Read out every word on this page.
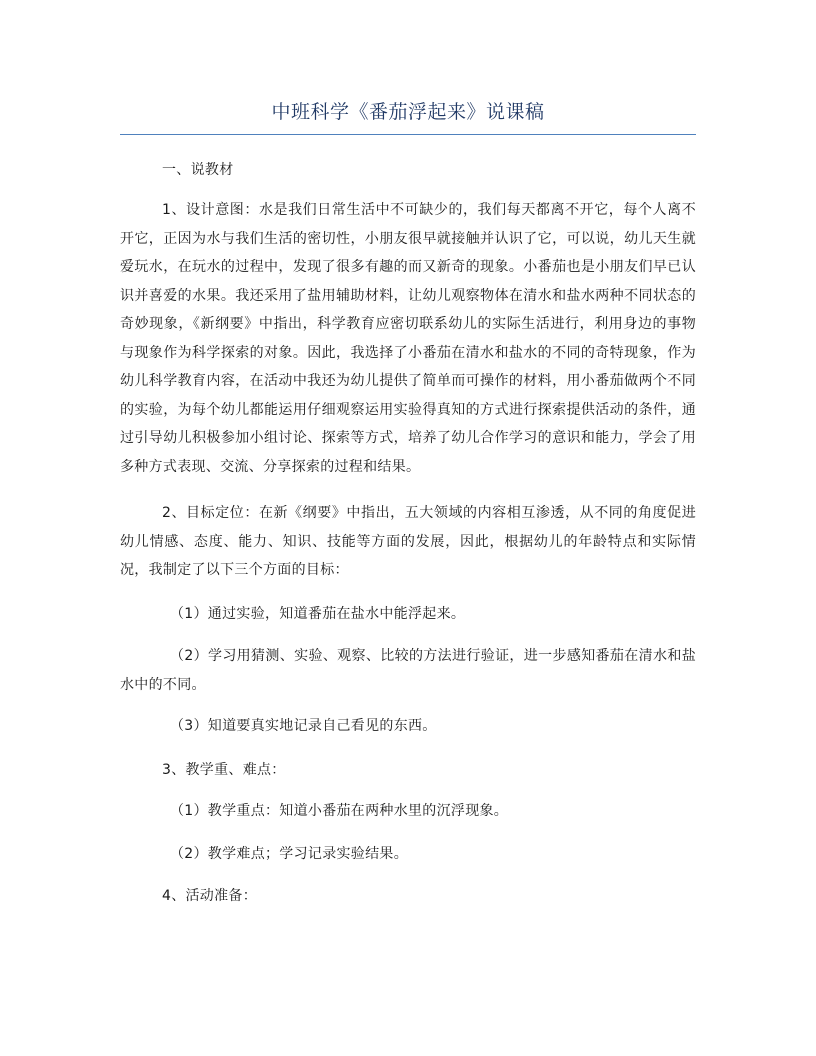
中班科学《番茄浮起来》说课稿

一、说教材

1、设计意图：水是我们日常生活中不可缺少的，我们每天都离不开它，每个人离不开它，正因为水与我们生活的密切性，小朋友很早就接触并认识了它，可以说，幼儿天生就爱玩水，在玩水的过程中，发现了很多有趣的而又新奇的现象。小番茄也是小朋友们早已认识并喜爱的水果。我还采用了盐用辅助材料，让幼儿观察物体在清水和盐水两种不同状态的奇妙现象，《新纲要》中指出，科学教育应密切联系幼儿的实际生活进行，利用身边的事物与现象作为科学探索的对象。因此，我选择了小番茄在清水和盐水的不同的奇特现象，作为幼儿科学教育内容，在活动中我还为幼儿提供了简单而可操作的材料，用小番茄做两个不同的实验，为每个幼儿都能运用仔细观察运用实验得真知的方式进行探索提供活动的条件，通过引导幼儿积极参加小组讨论、探索等方式，培养了幼儿合作学习的意识和能力，学会了用多种方式表现、交流、分享探索的过程和结果。

2、目标定位：在新《纲要》中指出，五大领域的内容相互渗透，从不同的角度促进幼儿情感、态度、能力、知识、技能等方面的发展，因此，根据幼儿的年龄特点和实际情况，我制定了以下三个方面的目标：

（1）通过实验，知道番茄在盐水中能浮起来。

（2）学习用猜测、实验、观察、比较的方法进行验证，进一步感知番茄在清水和盐水中的不同。

（3）知道要真实地记录自己看见的东西。

3、教学重、难点：

（1）教学重点：知道小番茄在两种水里的沉浮现象。

（2）教学难点；学习记录实验结果。

4、活动准备：
